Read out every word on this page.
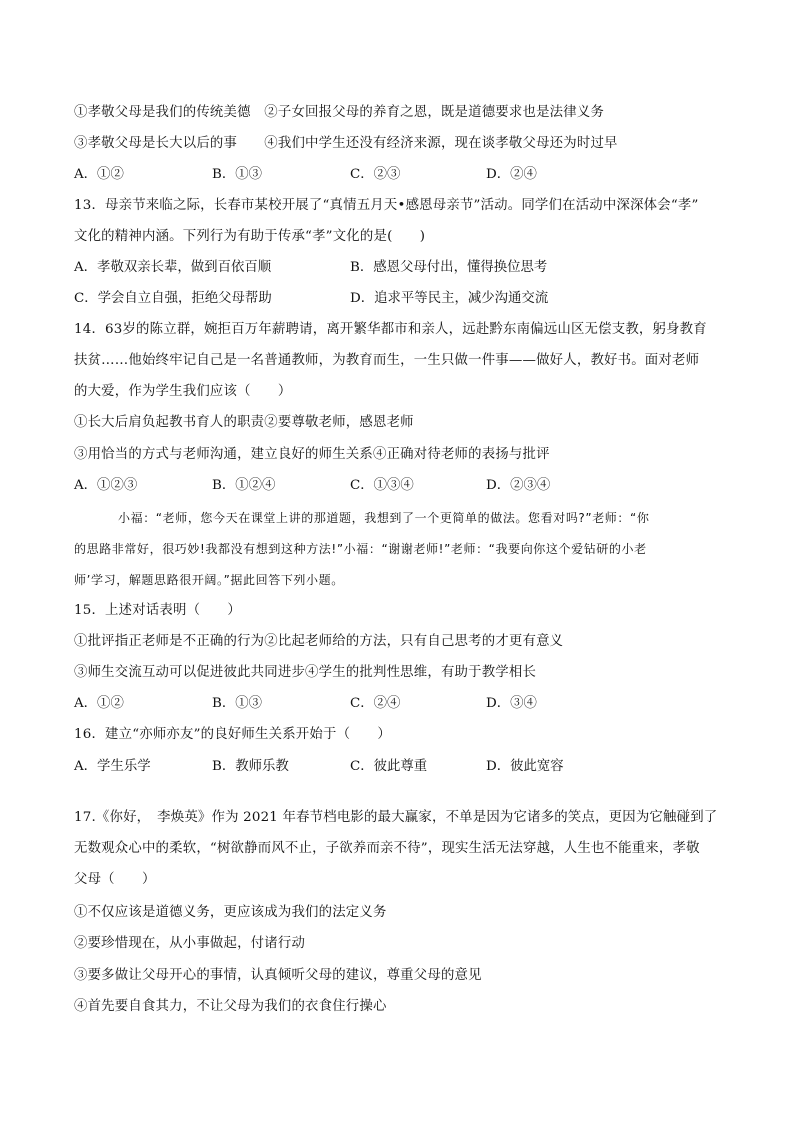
①孝敬父母是我们的传统美德　②子女回报父母的养育之恩，既是道德要求也是法律义务
③孝敬父母是长大以后的事　　④我们中学生还没有经济来源，现在谈孝敬父母还为时过早
A．①②	B．①③	C．②③	D．②④
13．母亲节来临之际，长春市某校开展了“真情五月天•感恩母亲节”活动。同学们在活动中深深体会“孝”
文化的精神内涵。下列行为有助于传承“孝”文化的是(　　)
A．孝敬双亲长辈，做到百依百顺	B．感恩父母付出，懂得换位思考
C．学会自立自强，拒绝父母帮助	D．追求平等民主，减少沟通交流
14．63岁的陈立群，婉拒百万年薪聘请，离开繁华都市和亲人，远赴黔东南偏远山区无偿支教，躬身教育
扶贫……他始终牢记自己是一名普通教师，为教育而生，一生只做一件事——做好人，教好书。面对老师
的大爱，作为学生我们应该（　　）
①长大后肩负起教书育人的职责②要尊敬老师，感恩老师
③用恰当的方式与老师沟通，建立良好的师生关系④正确对待老师的表扬与批评
A．①②③	B．①②④	C．①③④	D．②③④
小福：“老师，您今天在课堂上讲的那道题，我想到了一个更简单的做法。您看对吗?”老师：“你
的思路非常好，很巧妙!我都没有想到这种方法!”小福：“谢谢老师!”老师：“我要向你这个爱钻研的小老
师’学习，解题思路很开阔。”据此回答下列小题。
15．上述对话表明（　　）
①批评指正老师是不正确的行为②比起老师给的方法，只有自己思考的才更有意义
③师生交流互动可以促进彼此共同进步④学生的批判性思维，有助于教学相长
A．①②	B．①③	C．②④	D．③④
16．建立“亦师亦友”的良好师生关系开始于（　　）
A．学生乐学	B．教师乐教	C．彼此尊重	D．彼此宽容
17.《你好，　李焕英》作为 2021 年春节档电影的最大赢家，不单是因为它诸多的笑点，更因为它触碰到了
无数观众心中的柔软，“树欲静而风不止，子欲养而亲不待”，现实生活无法穿越，人生也不能重来，孝敬
父母（　　）
①不仅应该是道德义务，更应该成为我们的法定义务
②要珍惜现在，从小事做起，付诸行动
③要多做让父母开心的事情，认真倾听父母的建议，尊重父母的意见
④首先要自食其力，不让父母为我们的衣食住行操心
